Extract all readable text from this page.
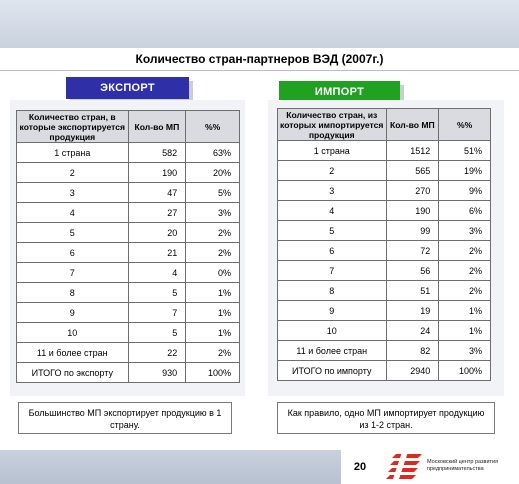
Количество стран-партнеров ВЭД (2007г.)
ЭКСПОРТ
Количество стран, в которые экспортируется продукция	Кол-во МП	%%
1 страна	582	63%
2	190	20%
3	47	5%
4	27	3%
5	20	2%
6	21	2%
7	4	0%
8	5	1%
9	7	1%
10	5	1%
11 и более стран	22	2%
ИТОГО по экспорту	930	100%
Большинство МП экспортирует продукцию в 1 страну.
ИМПОРТ
Количество стран, из которых импортируется продукция	Кол-во МП	%%
1 страна	1512	51%
2	565	19%
3	270	9%
4	190	6%
5	99	3%
6	72	2%
7	56	2%
8	51	2%
9	19	1%
10	24	1%
11 и более стран	82	3%
ИТОГО по импорту	2940	100%
Как правило, одно МП импортирует продукцию из 1-2 стран.
20	Московский центр развития
предпринимательства
